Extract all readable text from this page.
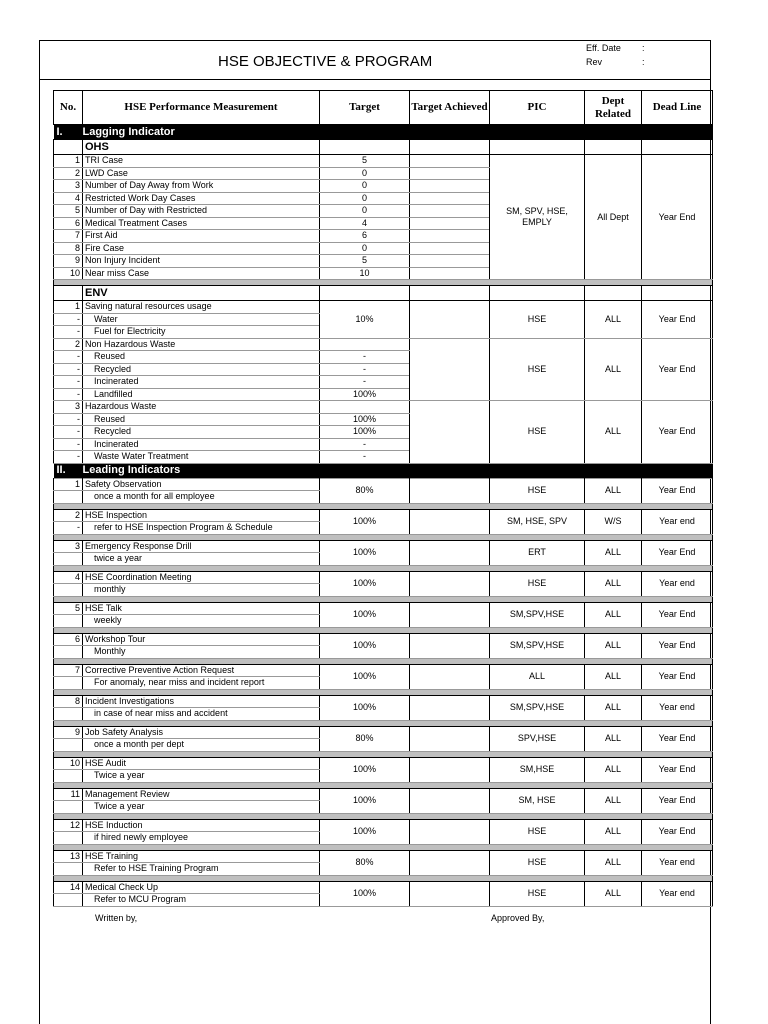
HSE OBJECTIVE & PROGRAM
Eff. Date :
Rev	:
No.	HSE Performance Measurement	Target	Target Achieved	PIC	Dept Related	Dead Line
I.	Lagging Indicator					
	OHS					
1	TRI Case	5		SM, SPV, HSE, EMPLY	All Dept	Year End
2	LWD Case	0				
3	Number of Day Away from Work	0				
4	Restricted Work Day Cases	0				
5	Number of Day with Restricted	0				
6	Medical Treatment Cases	4				
7	First Aid	6				
8	Fire Case	0				
9	Non Injury Incident	5				
10	Near miss Case	10				

	ENV					
1	Saving natural resources usage	10%		HSE	ALL	Year End
-	Water					
-	Fuel for Electricity					
2	Non Hazardous Waste			HSE	ALL	Year End
-	Reused	-				
-	Recycled	-				
-	Incinerated	-				
-	Landfilled	100%				
3	Hazardous Waste			HSE	ALL	Year End
-	Reused	100%				
-	Recycled	100%				
-	Incinerated	-				
-	Waste Water Treatment	-				
II.	Leading Indicators					
1	Safety Observation	80%		HSE	ALL	Year End
	once a month for all employee					

2	HSE Inspection	100%		SM, HSE, SPV	W/S	Year end
-	refer to HSE Inspection Program & Schedule					

3	Emergency Response Drill	100%		ERT	ALL	Year End
	twice a year					

4	HSE Coordination Meeting	100%		HSE	ALL	Year end
	monthly					

5	HSE Talk	100%		SM,SPV,HSE	ALL	Year End
	weekly					

6	Workshop Tour	100%		SM,SPV,HSE	ALL	Year End
	Monthly					

7	Corrective Preventive Action Request	100%		ALL	ALL	Year End
	For anomaly, near miss and incident report					

8	Incident Investigations	100%		SM,SPV,HSE	ALL	Year end
	in case of near miss and accident					

9	Job Safety Analysis	80%		SPV,HSE	ALL	Year End
	once a month per dept					

10	HSE Audit	100%		SM,HSE	ALL	Year End
	Twice a year					

11	Management Review	100%		SM, HSE	ALL	Year End
	Twice a year					

12	HSE Induction	100%		HSE	ALL	Year End
	if hired newly employee					

13	HSE Training	80%		HSE	ALL	Year end
	Refer to HSE Training Program					

14	Medical Check Up	100%		HSE	ALL	Year end
	Refer to MCU Program					
Written by,	Approved By,
